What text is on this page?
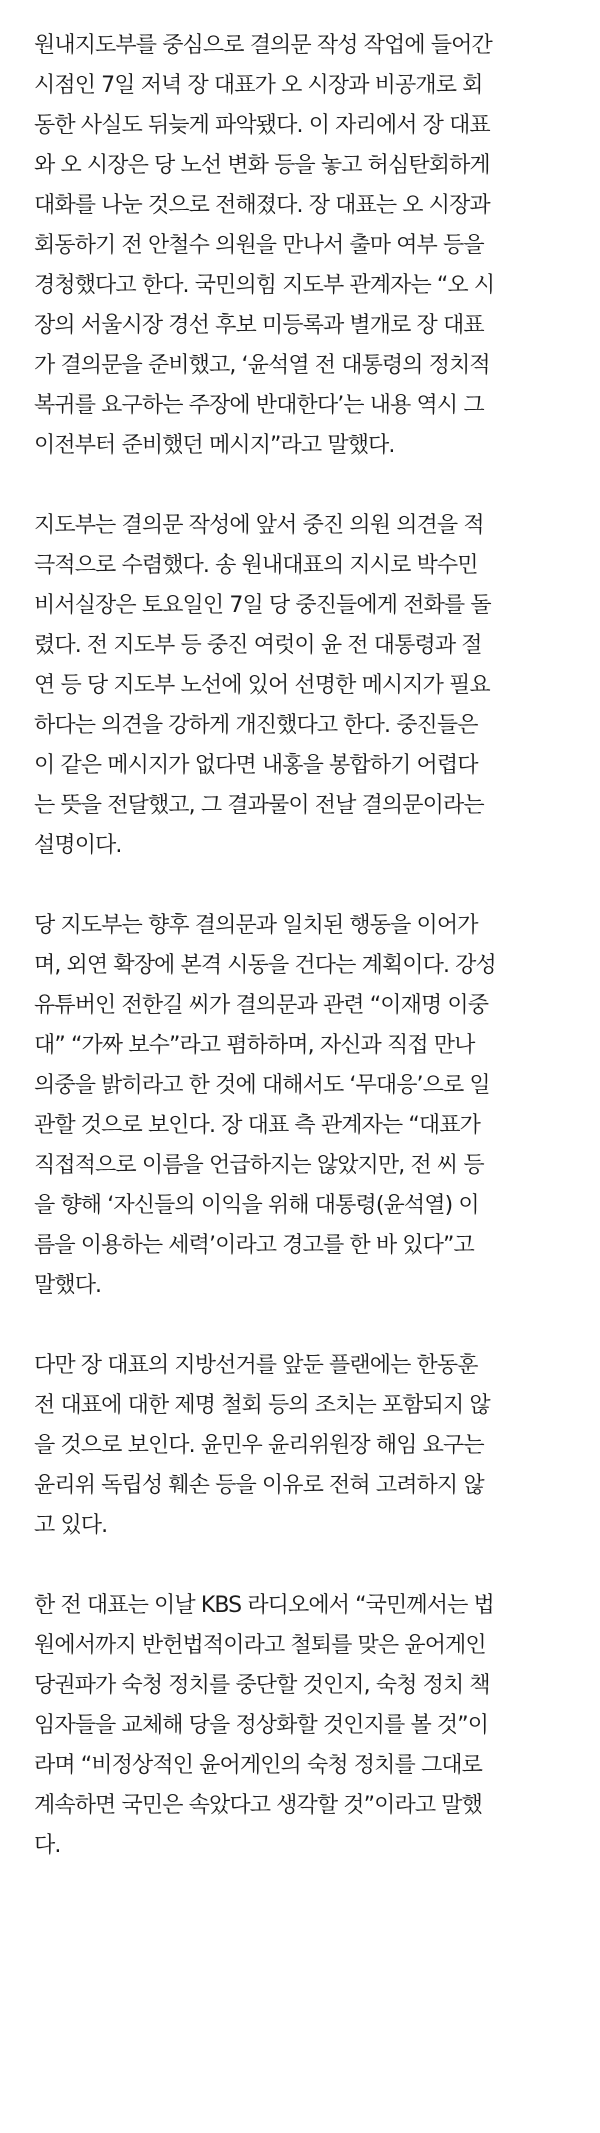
원내지도부를 중심으로 결의문 작성 작업에 들어간
시점인 7일 저녁 장 대표가 오 시장과 비공개로 회
동한 사실도 뒤늦게 파악됐다. 이 자리에서 장 대표
와 오 시장은 당 노선 변화 등을 놓고 허심탄회하게
대화를 나눈 것으로 전해졌다. 장 대표는 오 시장과
회동하기 전 안철수 의원을 만나서 출마 여부 등을
경청했다고 한다. 국민의힘 지도부 관계자는 “오 시
장의 서울시장 경선 후보 미등록과 별개로 장 대표
가 결의문을 준비했고, ‘윤석열 전 대통령의 정치적
복귀를 요구하는 주장에 반대한다’는 내용 역시 그
이전부터 준비했던 메시지”라고 말했다.
지도부는 결의문 작성에 앞서 중진 의원 의견을 적
극적으로 수렴했다. 송 원내대표의 지시로 박수민
비서실장은 토요일인 7일 당 중진들에게 전화를 돌
렸다. 전 지도부 등 중진 여럿이 윤 전 대통령과 절
연 등 당 지도부 노선에 있어 선명한 메시지가 필요
하다는 의견을 강하게 개진했다고 한다. 중진들은
이 같은 메시지가 없다면 내홍을 봉합하기 어렵다
는 뜻을 전달했고, 그 결과물이 전날 결의문이라는
설명이다.
당 지도부는 향후 결의문과 일치된 행동을 이어가
며, 외연 확장에 본격 시동을 건다는 계획이다. 강성
유튜버인 전한길 씨가 결의문과 관련 “이재명 이중
대” “가짜 보수”라고 폄하하며, 자신과 직접 만나
의중을 밝히라고 한 것에 대해서도 ‘무대응’으로 일
관할 것으로 보인다. 장 대표 측 관계자는 “대표가
직접적으로 이름을 언급하지는 않았지만, 전 씨 등
을 향해 ‘자신들의 이익을 위해 대통령(윤석열) 이
름을 이용하는 세력’이라고 경고를 한 바 있다”고
말했다.
다만 장 대표의 지방선거를 앞둔 플랜에는 한동훈
전 대표에 대한 제명 철회 등의 조치는 포함되지 않
을 것으로 보인다. 윤민우 윤리위원장 해임 요구는
윤리위 독립성 훼손 등을 이유로 전혀 고려하지 않
고 있다.
한 전 대표는 이날 KBS 라디오에서 “국민께서는 법
원에서까지 반헌법적이라고 철퇴를 맞은 윤어게인
당권파가 숙청 정치를 중단할 것인지, 숙청 정치 책
임자들을 교체해 당을 정상화할 것인지를 볼 것”이
라며 “비정상적인 윤어게인의 숙청 정치를 그대로
계속하면 국민은 속았다고 생각할 것”이라고 말했
다.
